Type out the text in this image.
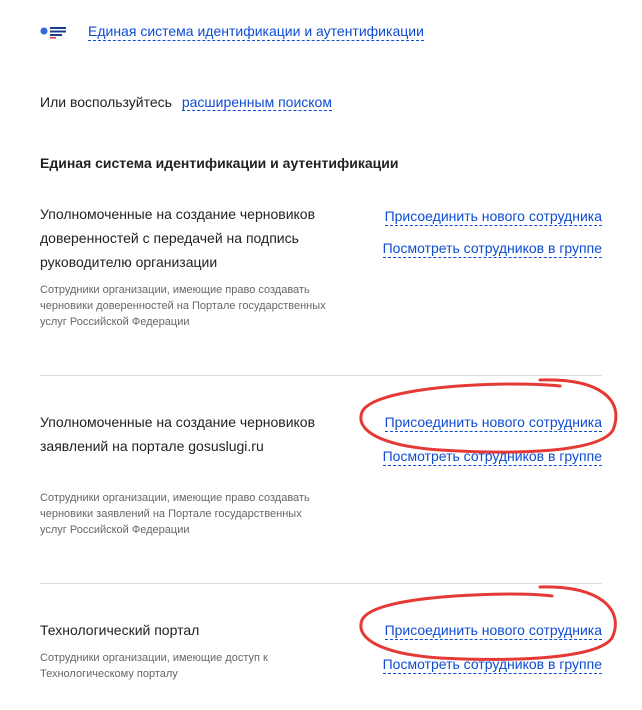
Единая система идентификации и аутентификации
Или воспользуйтесь расширенным поиском
Единая система идентификации и аутентификации
Уполномоченные на создание черновиков доверенностей с передачей на подпись руководителю организации
Сотрудники организации, имеющие право создавать черновики доверенностей на Портале государственных услуг Российской Федерации
Присоединить нового сотрудника
Посмотреть сотрудников в группе
Уполномоченные на создание черновиков заявлений на портале gosuslugi.ru
Сотрудники организации, имеющие право создавать черновики заявлений на Портале государственных услуг Российской Федерации
Присоединить нового сотрудника
Посмотреть сотрудников в группе
Технологический портал
Сотрудники организации, имеющие доступ к Технологическому порталу
Присоединить нового сотрудника
Посмотреть сотрудников в группе
